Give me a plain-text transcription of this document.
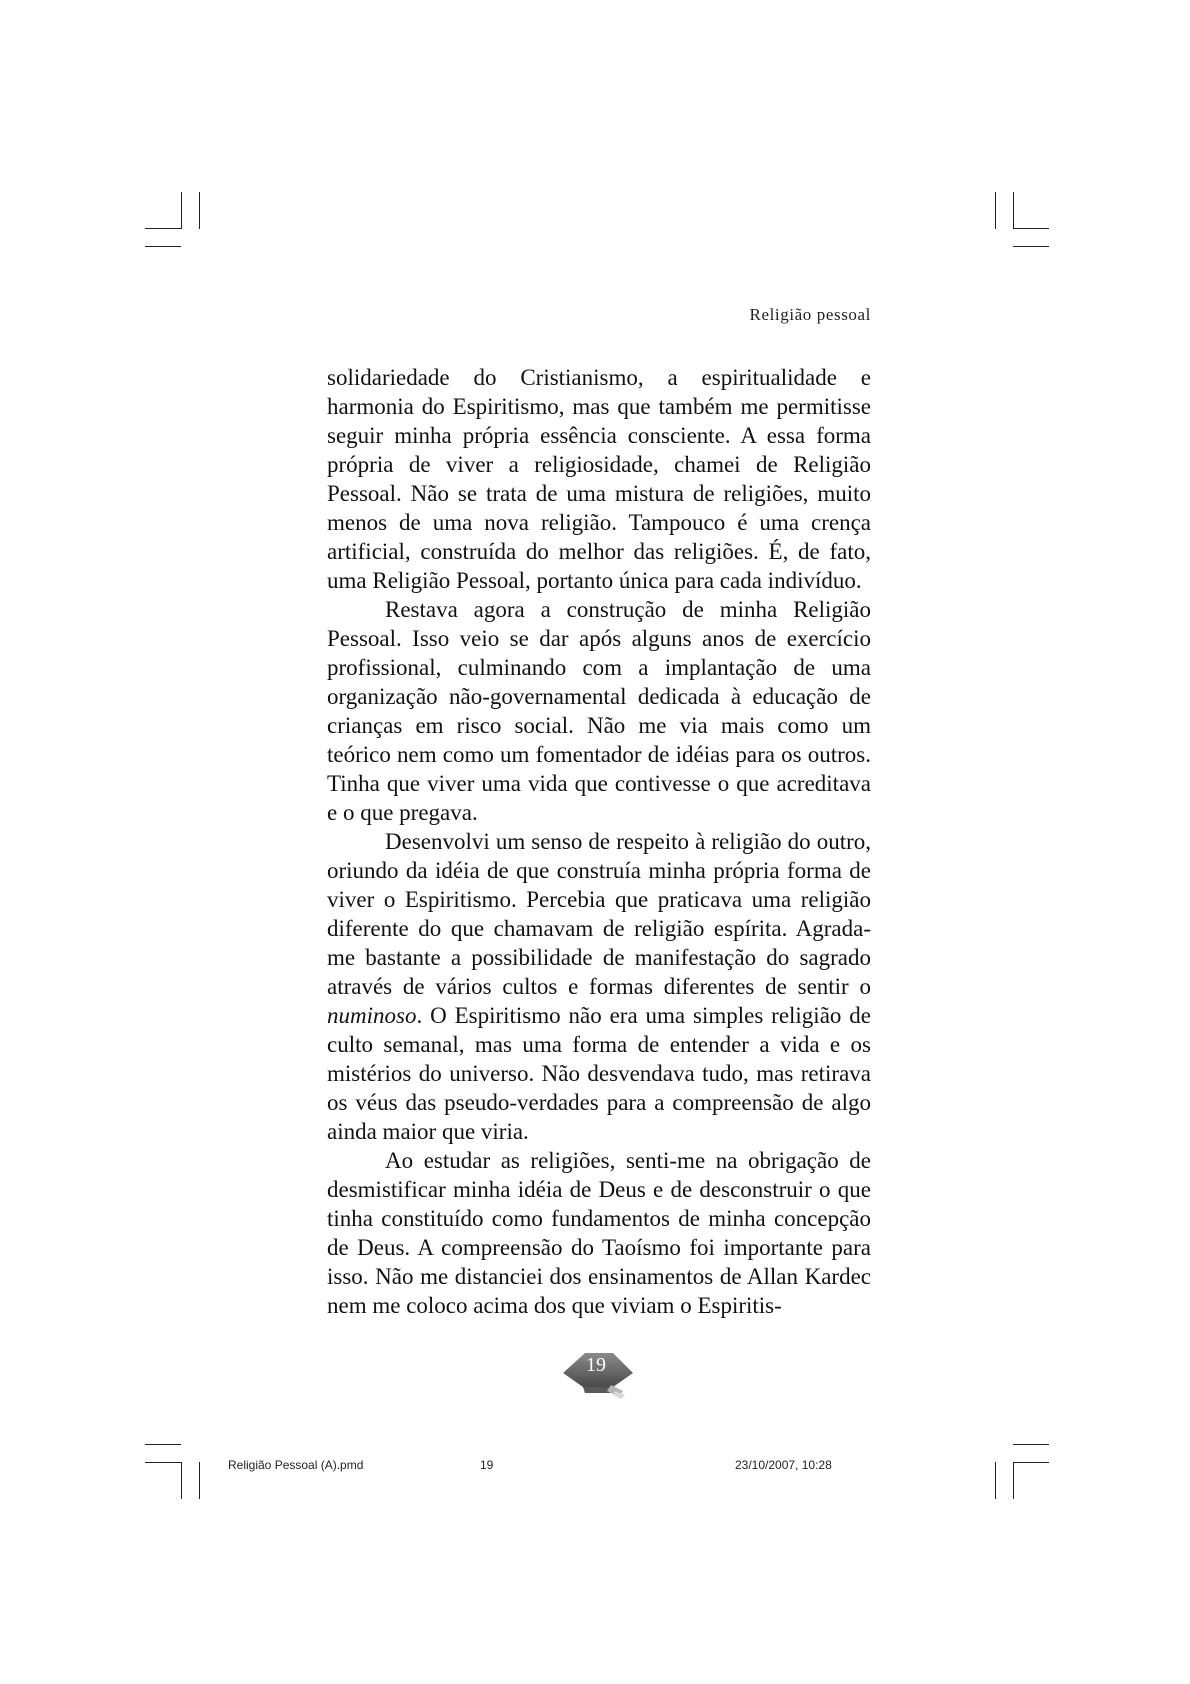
Religião pessoal

solidariedade do Cristianismo, a espiritualidade e harmonia do Espiritismo, mas que também me permitisse seguir minha própria essência consciente. A essa forma própria de viver a religiosidade, chamei de Religião Pessoal. Não se trata de uma mistura de religiões, muito menos de uma nova religião. Tampouco é uma crença artificial, construída do melhor das religiões. É, de fato, uma Religião Pessoal, portanto única para cada indivíduo.

Restava agora a construção de minha Religião Pessoal. Isso veio se dar após alguns anos de exercício profissional, culminando com a implantação de uma organização não-governamental dedicada à educação de crianças em risco social. Não me via mais como um teórico nem como um fomentador de idéias para os outros. Tinha que viver uma vida que contivesse o que acreditava e o que pregava.

Desenvolvi um senso de respeito à religião do outro, oriundo da idéia de que construía minha própria forma de viver o Espiritismo. Percebia que praticava uma religião diferente do que chamavam de religião espírita. Agrada-me bastante a possibilidade de manifestação do sagrado através de vários cultos e formas diferentes de sentir o numinoso. O Espiritismo não era uma simples religião de culto semanal, mas uma forma de entender a vida e os mistérios do universo. Não desvendava tudo, mas retirava os véus das pseudo-verdades para a compreensão de algo ainda maior que viria.

Ao estudar as religiões, senti-me na obrigação de desmistificar minha idéia de Deus e de desconstruir o que tinha constituído como fundamentos de minha concepção de Deus. A compreensão do Taoísmo foi importante para isso. Não me distanciei dos ensinamentos de Allan Kardec nem me coloco acima dos que viviam o Espiritis-

19
Religião Pessoal (A).pmd	19	23/10/2007, 10:28
